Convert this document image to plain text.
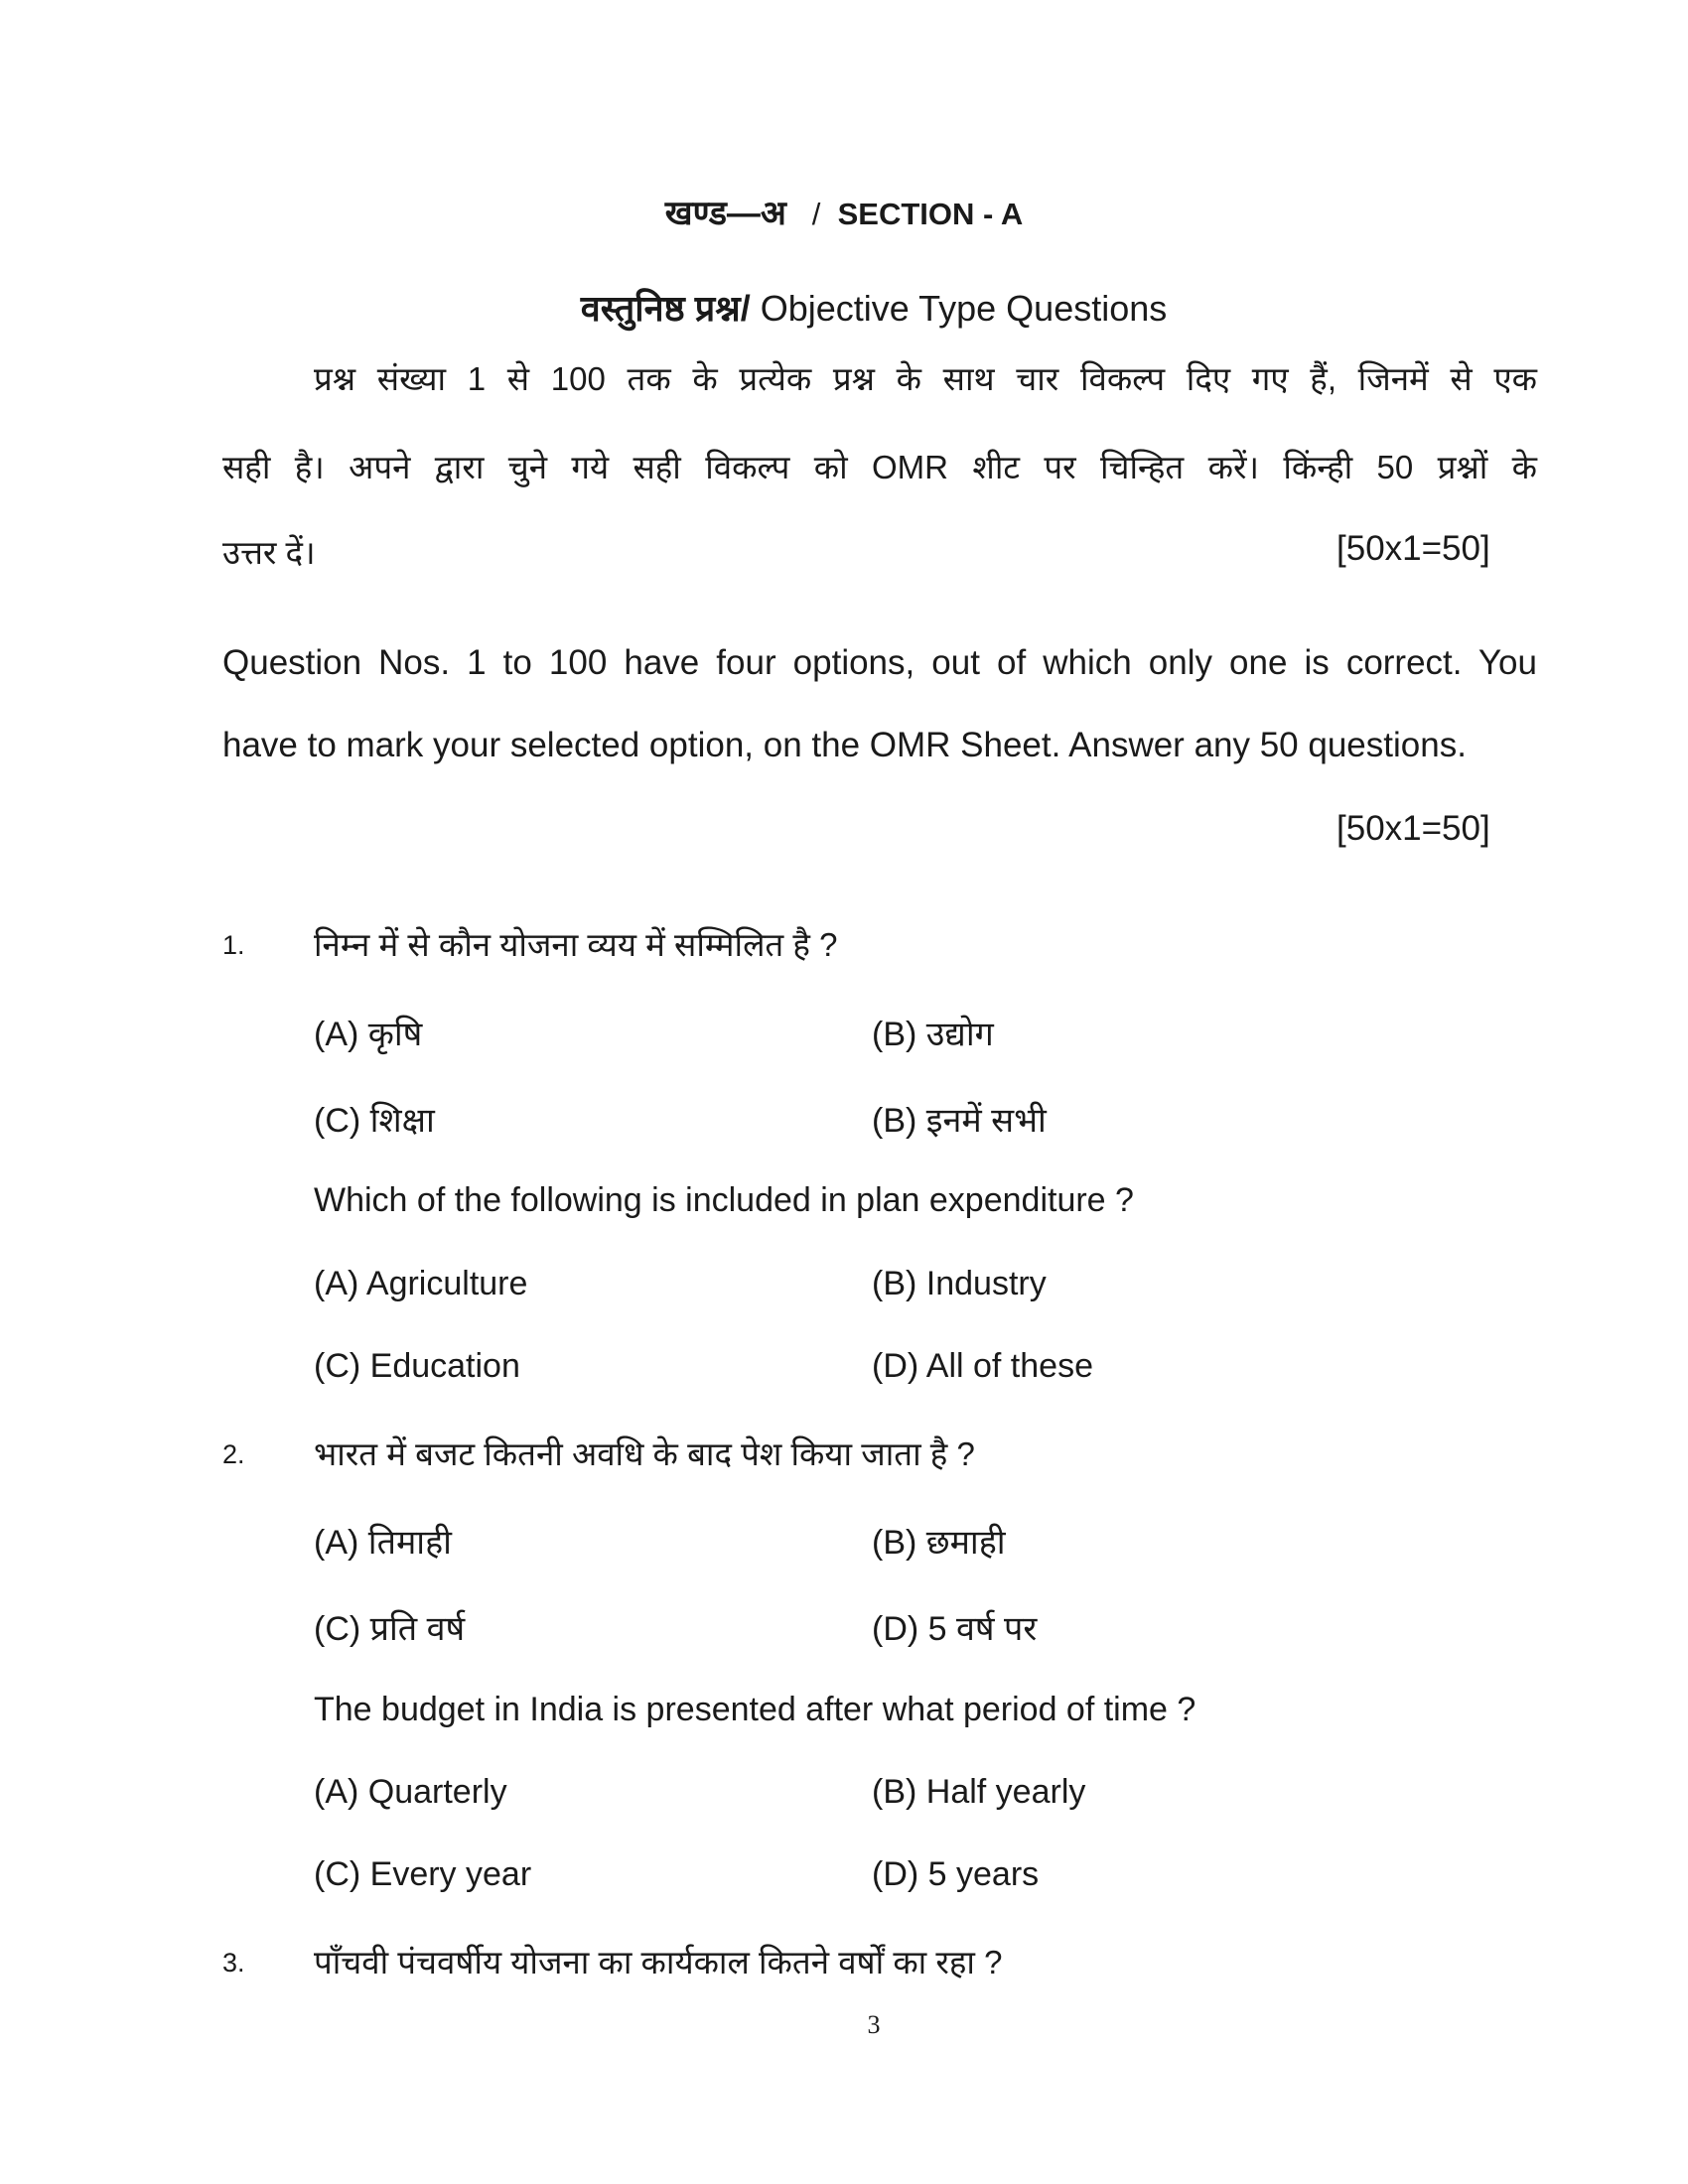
खण्ड—अ / SECTION - A
वस्तुनिष्ठ प्रश्न/ Objective Type Questions
प्रश्न संख्या 1 से 100 तक के प्रत्येक प्रश्न के साथ चार विकल्प दिए गए हैं, जिनमें से एक
सही है। अपने द्वारा चुने गये सही विकल्प को OMR शीट पर चिन्हित करें। किंन्ही 50 प्रश्नों के
उत्तर दें।	[50x1=50]
Question Nos. 1 to 100 have four options, out of which only one is correct. You
have to mark your selected option, on the OMR Sheet. Answer any 50 questions.
[50x1=50]
1. निम्न में से कौन योजना व्यय में सम्मिलित है ?
(A) कृषि	(B) उद्योग
(C) शिक्षा	(B) इनमें सभी
Which of the following is included in plan expenditure ?
(A) Agriculture	(B) Industry
(C) Education	(D) All of these
2. भारत में बजट कितनी अवधि के बाद पेश किया जाता है ?
(A) तिमाही	(B) छमाही
(C) प्रति वर्ष	(D) 5 वर्ष पर
The budget in India is presented after what period of time ?
(A) Quarterly	(B) Half yearly
(C) Every year	(D) 5 years
3. पाँचवी पंचवर्षीय योजना का कार्यकाल कितने वर्षों का रहा ?
3
